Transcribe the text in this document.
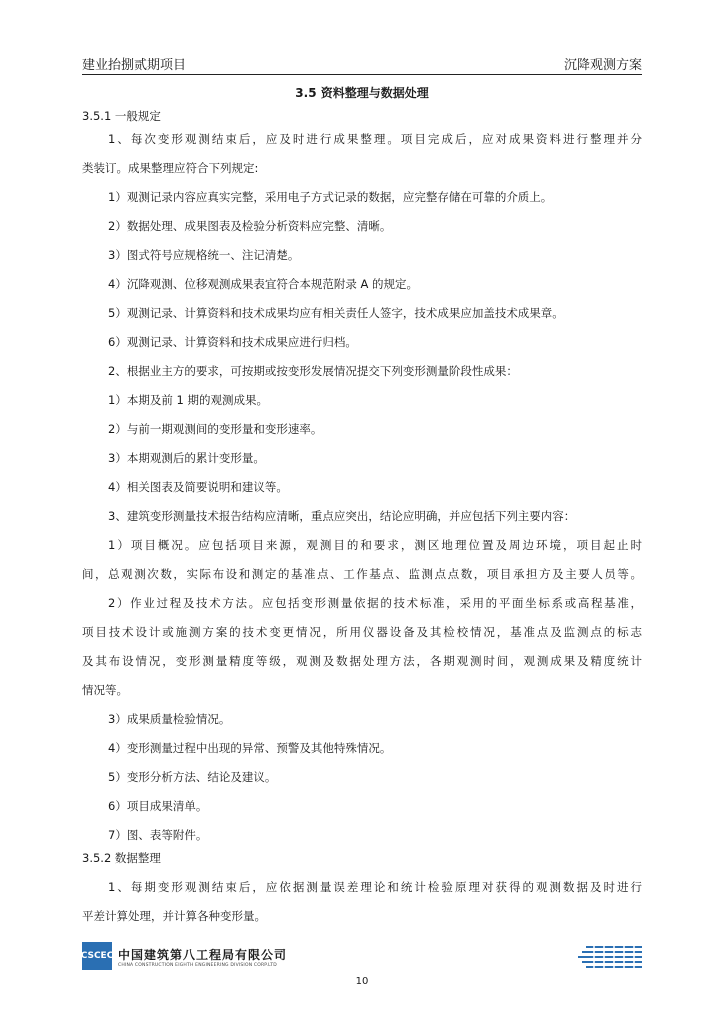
建业抬捌贰期项目	沉降观测方案
3.5 资料整理与数据处理
3.5.1 一般规定
1、每次变形观测结束后，应及时进行成果整理。项目完成后，应对成果资料进行整理并分
类装订。成果整理应符合下列规定:
1）观测记录内容应真实完整，采用电子方式记录的数据，应完整存储在可靠的介质上。
2）数据处理、成果图表及检验分析资料应完整、清晰。
3）图式符号应规格统一、注记清楚。
4）沉降观测、位移观测成果表宜符合本规范附录 A 的规定。
5）观测记录、计算资料和技术成果均应有相关责任人签字，技术成果应加盖技术成果章。
6）观测记录、计算资料和技术成果应进行归档。
2、根据业主方的要求，可按期或按变形发展情况提交下列变形测量阶段性成果：
1）本期及前 1 期的观测成果。
2）与前一期观测间的变形量和变形速率。
3）本期观测后的累计变形量。
4）相关图表及简要说明和建议等。
3、建筑变形测量技术报告结构应清晰，重点应突出，结论应明确，并应包括下列主要内容：
1）项目概况。应包括项目来源，观测目的和要求，测区地理位置及周边环境，项目起止时
间，总观测次数，实际布设和测定的基准点、工作基点、监测点点数，项目承担方及主要人员等。
2）作业过程及技术方法。应包括变形测量依据的技术标准，采用的平面坐标系或高程基准，
项目技术设计或施测方案的技术变更情况，所用仪器设备及其检校情况，基准点及监测点的标志
及其布设情况，变形测量精度等级，观测及数据处理方法，各期观测时间，观测成果及精度统计
情况等。
3）成果质量检验情况。
4）变形测量过程中出现的异常、预警及其他特殊情况。
5）变形分析方法、结论及建议。
6）项目成果清单。
7）图、表等附件。
3.5.2 数据整理
1、每期变形观测结束后，应依据测量误差理论和统计检验原理对获得的观测数据及时进行
平差计算处理，并计算各种变形量。
CSCEC 中国建筑第八工程局有限公司
CHINA CONSTRUCTION EIGHTH ENGINEERING DIVISION CORP.LTD
10
